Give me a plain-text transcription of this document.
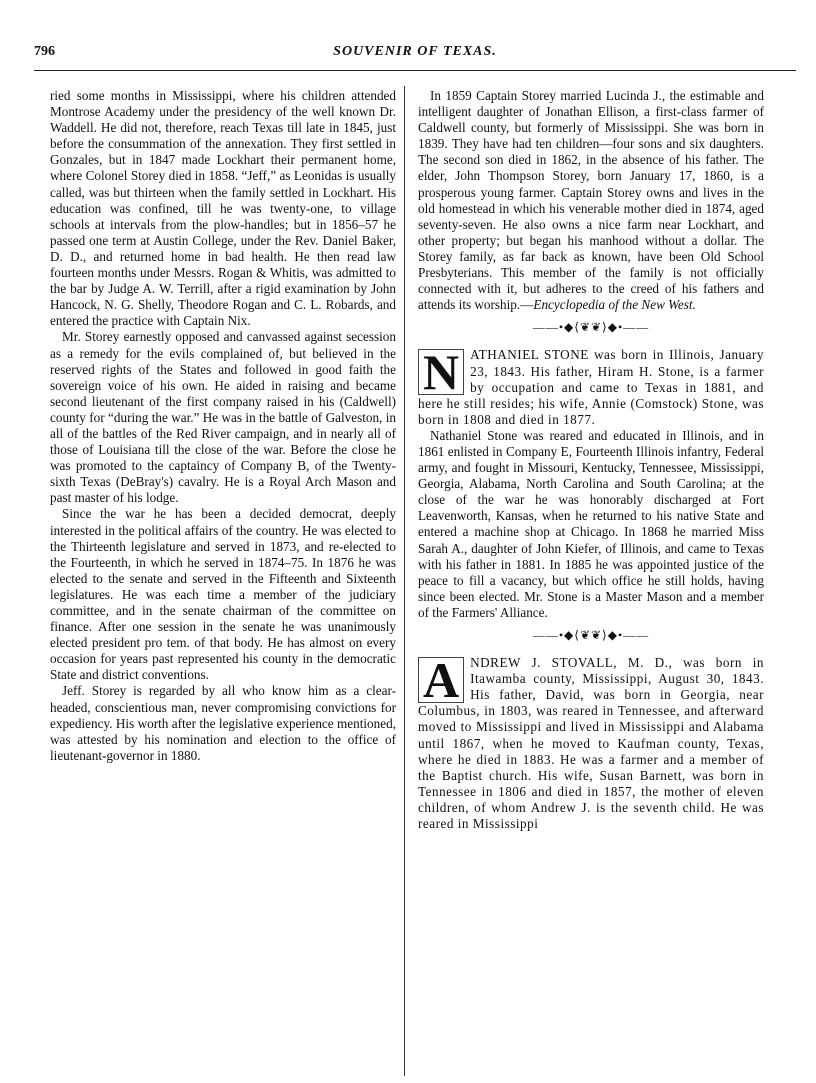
796	SOUVENIR OF TEXAS.

ried some months in Mississippi, where his children attended Montrose Academy under the presidency of the well known Dr. Waddell. He did not, therefore, reach Texas till late in 1845, just before the consummation of the annexation. They first settled in Gonzales, but in 1847 made Lockhart their permanent home, where Colonel Storey died in 1858. “Jeff,” as Leonidas is usually called, was but thirteen when the family settled in Lockhart. His education was confined, till he was twenty-one, to village schools at intervals from the plow-handles; but in 1856–57 he passed one term at Austin College, under the Rev. Daniel Baker, D. D., and returned home in bad health. He then read law fourteen months under Messrs. Rogan & Whitis, was admitted to the bar by Judge A. W. Terrill, after a rigid examination by John Hancock, N. G. Shelly, Theodore Rogan and C. L. Robards, and entered the practice with Captain Nix.

Mr. Storey earnestly opposed and canvassed against secession as a remedy for the evils complained of, but believed in the reserved rights of the States and followed in good faith the sovereign voice of his own. He aided in raising and became second lieutenant of the first company raised in his (Caldwell) county for “during the war.” He was in the battle of Galveston, in all of the battles of the Red River campaign, and in nearly all of those of Louisiana till the close of the war. Before the close he was promoted to the captaincy of Company B, of the Twenty-sixth Texas (DeBray's) cavalry. He is a Royal Arch Mason and past master of his lodge.

Since the war he has been a decided democrat, deeply interested in the political affairs of the country. He was elected to the Thirteenth legislature and served in 1873, and re-elected to the Fourteenth, in which he served in 1874–75. In 1876 he was elected to the senate and served in the Fifteenth and Sixteenth legislatures. He was each time a member of the judiciary committee, and in the senate chairman of the committee on finance. After one session in the senate he was unanimously elected president pro tem. of that body. He has almost on every occasion for years past represented his county in the democratic State and district conventions.

Jeff. Storey is regarded by all who know him as a clear-headed, conscientious man, never compromising convictions for expediency. His worth after the legislative experience mentioned, was attested by his nomination and election to the office of lieutenant-governor in 1880.

In 1859 Captain Storey married Lucinda J., the estimable and intelligent daughter of Jonathan Ellison, a first-class farmer of Caldwell county, but formerly of Mississippi. She was born in 1839. They have had ten children—four sons and six daughters. The second son died in 1862, in the absence of his father. The elder, John Thompson Storey, born January 17, 1860, is a prosperous young farmer. Captain Storey owns and lives in the old homestead in which his venerable mother died in 1874, aged seventy-seven. He also owns a nice farm near Lockhart, and other property; but began his manhood without a dollar. The Storey family, as far back as known, have been Old School Presbyterians. This member of the family is not officially connected with it, but adheres to the creed of his fathers and attends its worship.—Encyclopedia of the New West.

——•◆⟨❦❦⟩◆•——

N ATHANIEL STONE was born in Illinois, January 23, 1843. His father, Hiram H. Stone, is a farmer by occupation and came to Texas in 1881, and here he still resides; his wife, Annie (Comstock) Stone, was born in 1808 and died in 1877.

Nathaniel Stone was reared and educated in Illinois, and in 1861 enlisted in Company E, Fourteenth Illinois infantry, Federal army, and fought in Missouri, Kentucky, Tennessee, Mississippi, Georgia, Alabama, North Carolina and South Carolina; at the close of the war he was honorably discharged at Fort Leavenworth, Kansas, when he returned to his native State and entered a machine shop at Chicago. In 1868 he married Miss Sarah A., daughter of John Kiefer, of Illinois, and came to Texas with his father in 1881. In 1885 he was appointed justice of the peace to fill a vacancy, but which office he still holds, having since been elected. Mr. Stone is a Master Mason and a member of the Farmers' Alliance.

——•◆⟨❦❦⟩◆•——

A NDREW J. STOVALL, M. D., was born in Itawamba county, Mississippi, August 30, 1843. His father, David, was born in Georgia, near Columbus, in 1803, was reared in Tennessee, and afterward moved to Mississippi and lived in Mississippi and Alabama until 1867, when he moved to Kaufman county, Texas, where he died in 1883. He was a farmer and a member of the Baptist church. His wife, Susan Barnett, was born in Tennessee in 1806 and died in 1857, the mother of eleven children, of whom Andrew J. is the seventh child. He was reared in Mississippi
